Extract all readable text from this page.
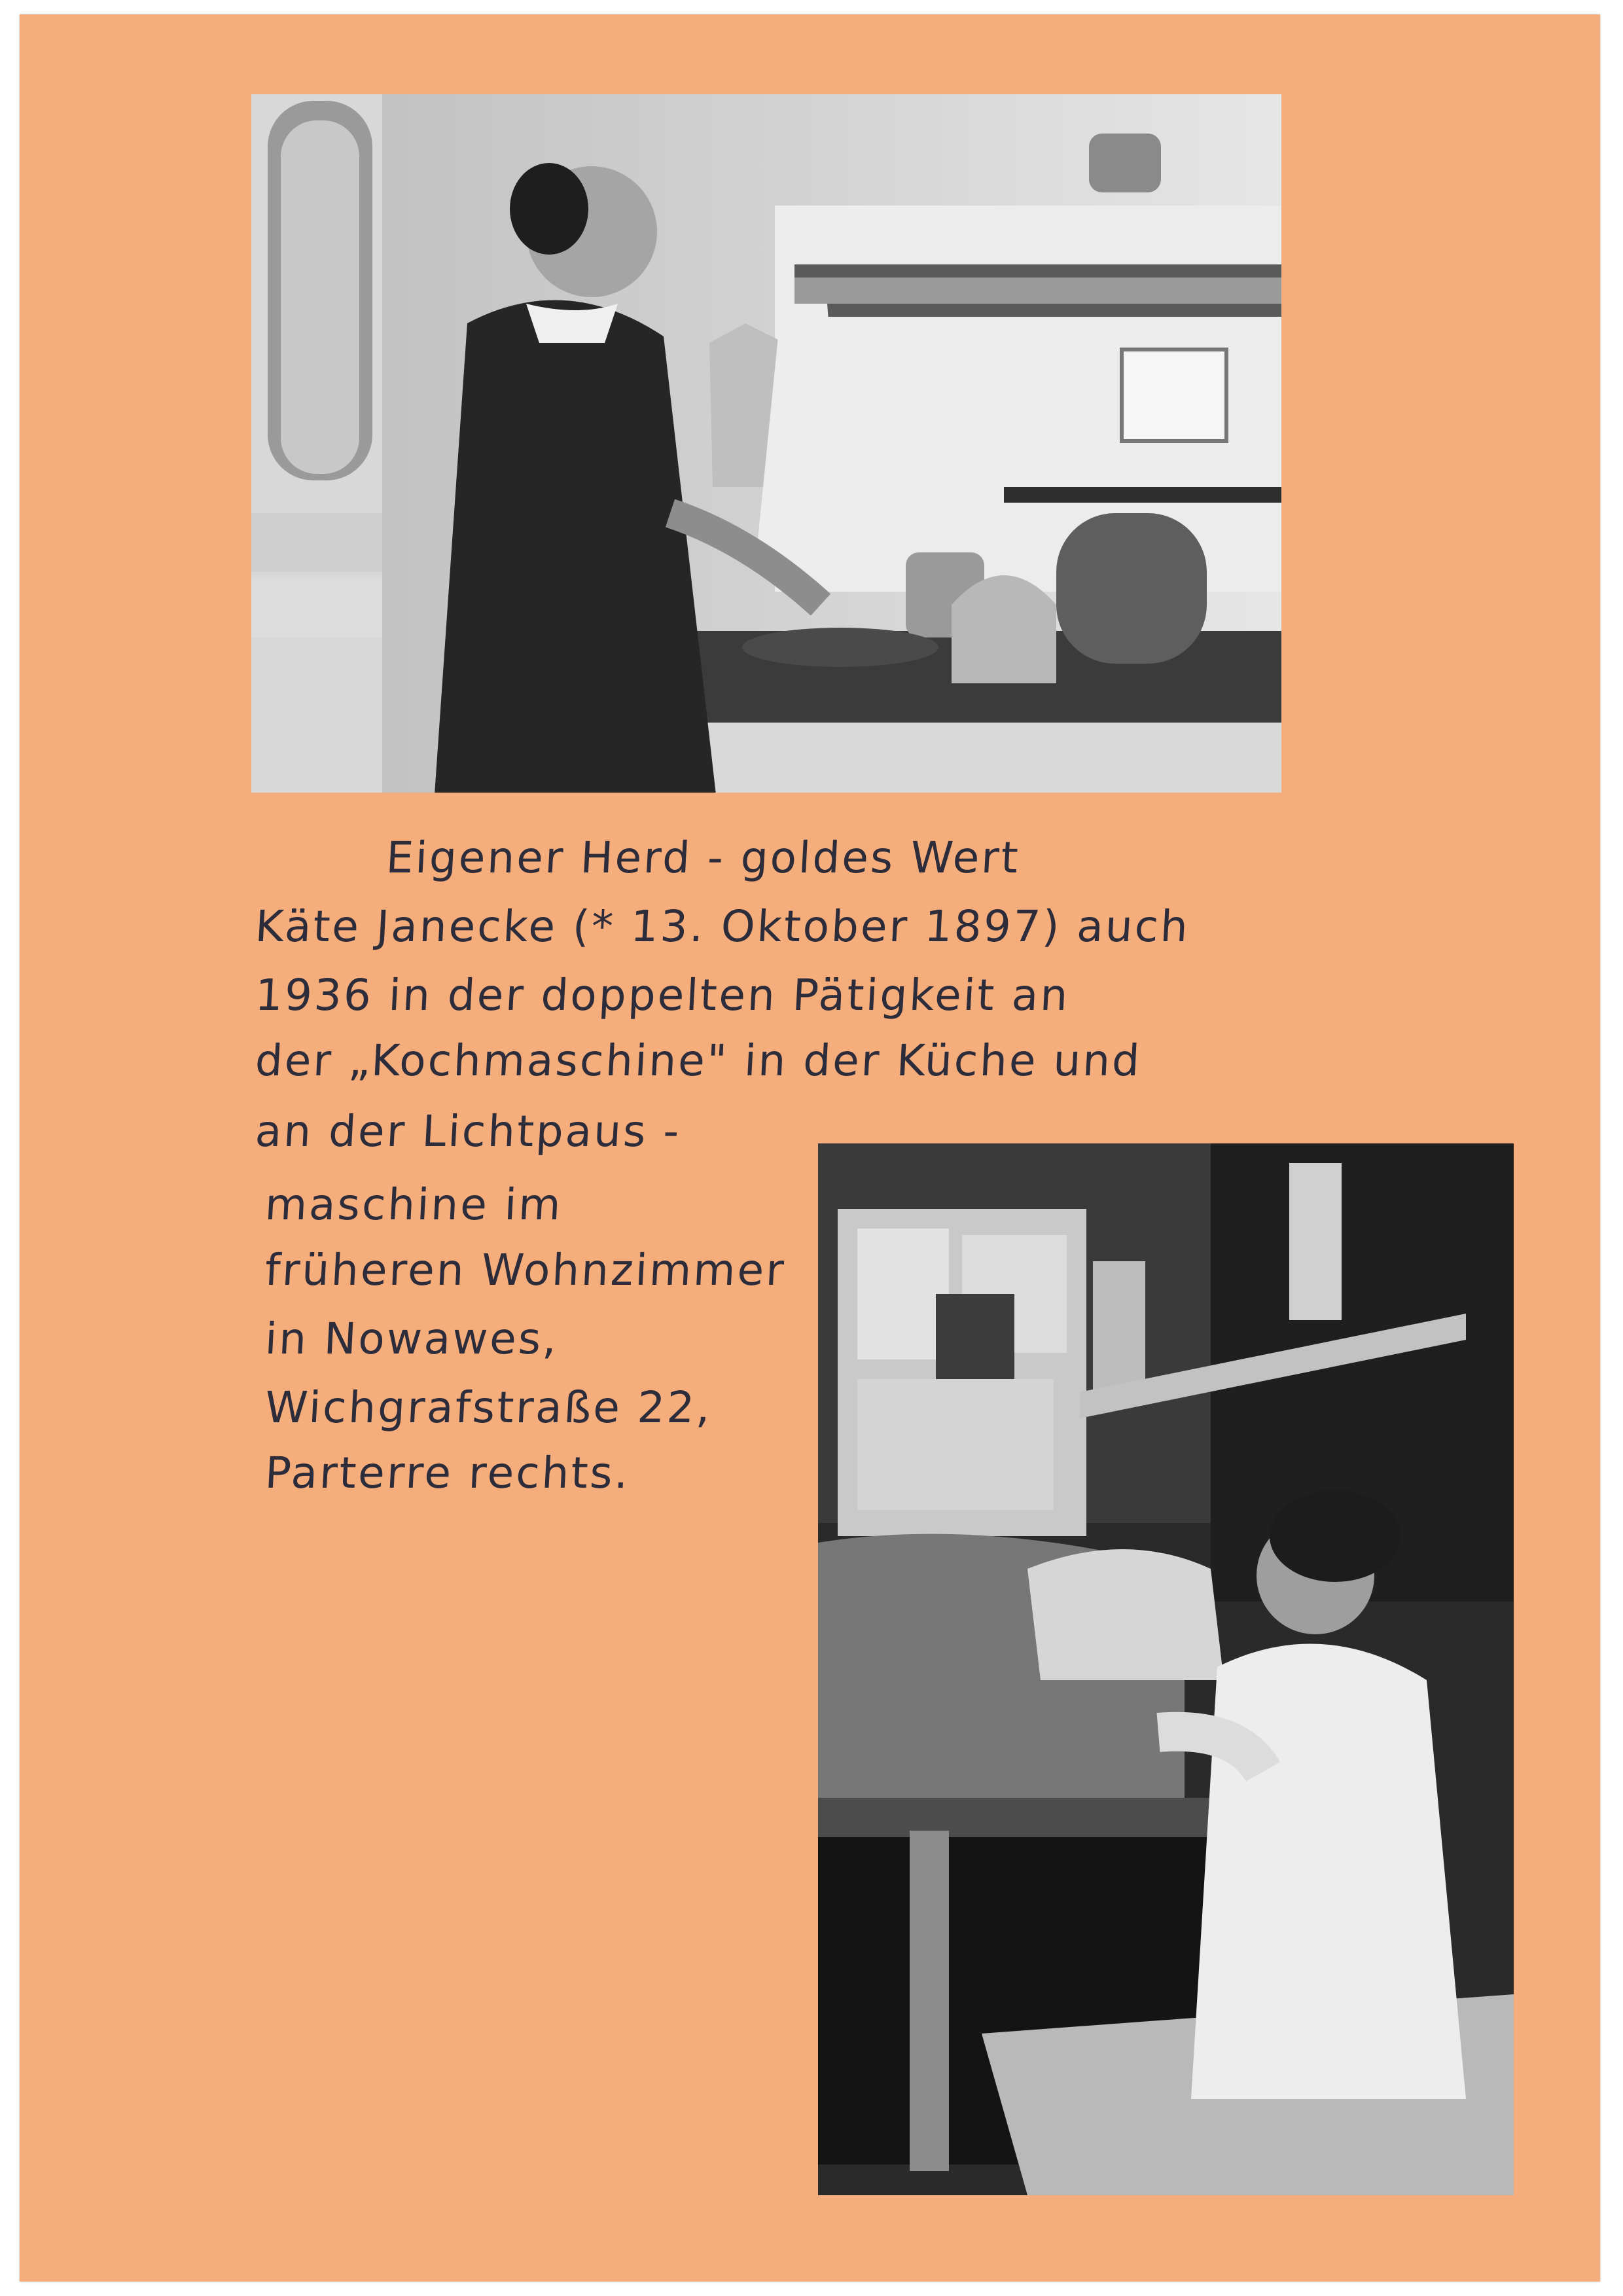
Eigener Herd - goldes Wert
Käte Janecke (* 13. Oktober 1897) auch
1936 in der doppelten Pätigkeit an
der „Kochmaschine" in der Küche und
an der Lichtpaus -
maschine im
früheren Wohnzimmer
in Nowawes,
Wichgrafstraße 22,
Parterre rechts.
